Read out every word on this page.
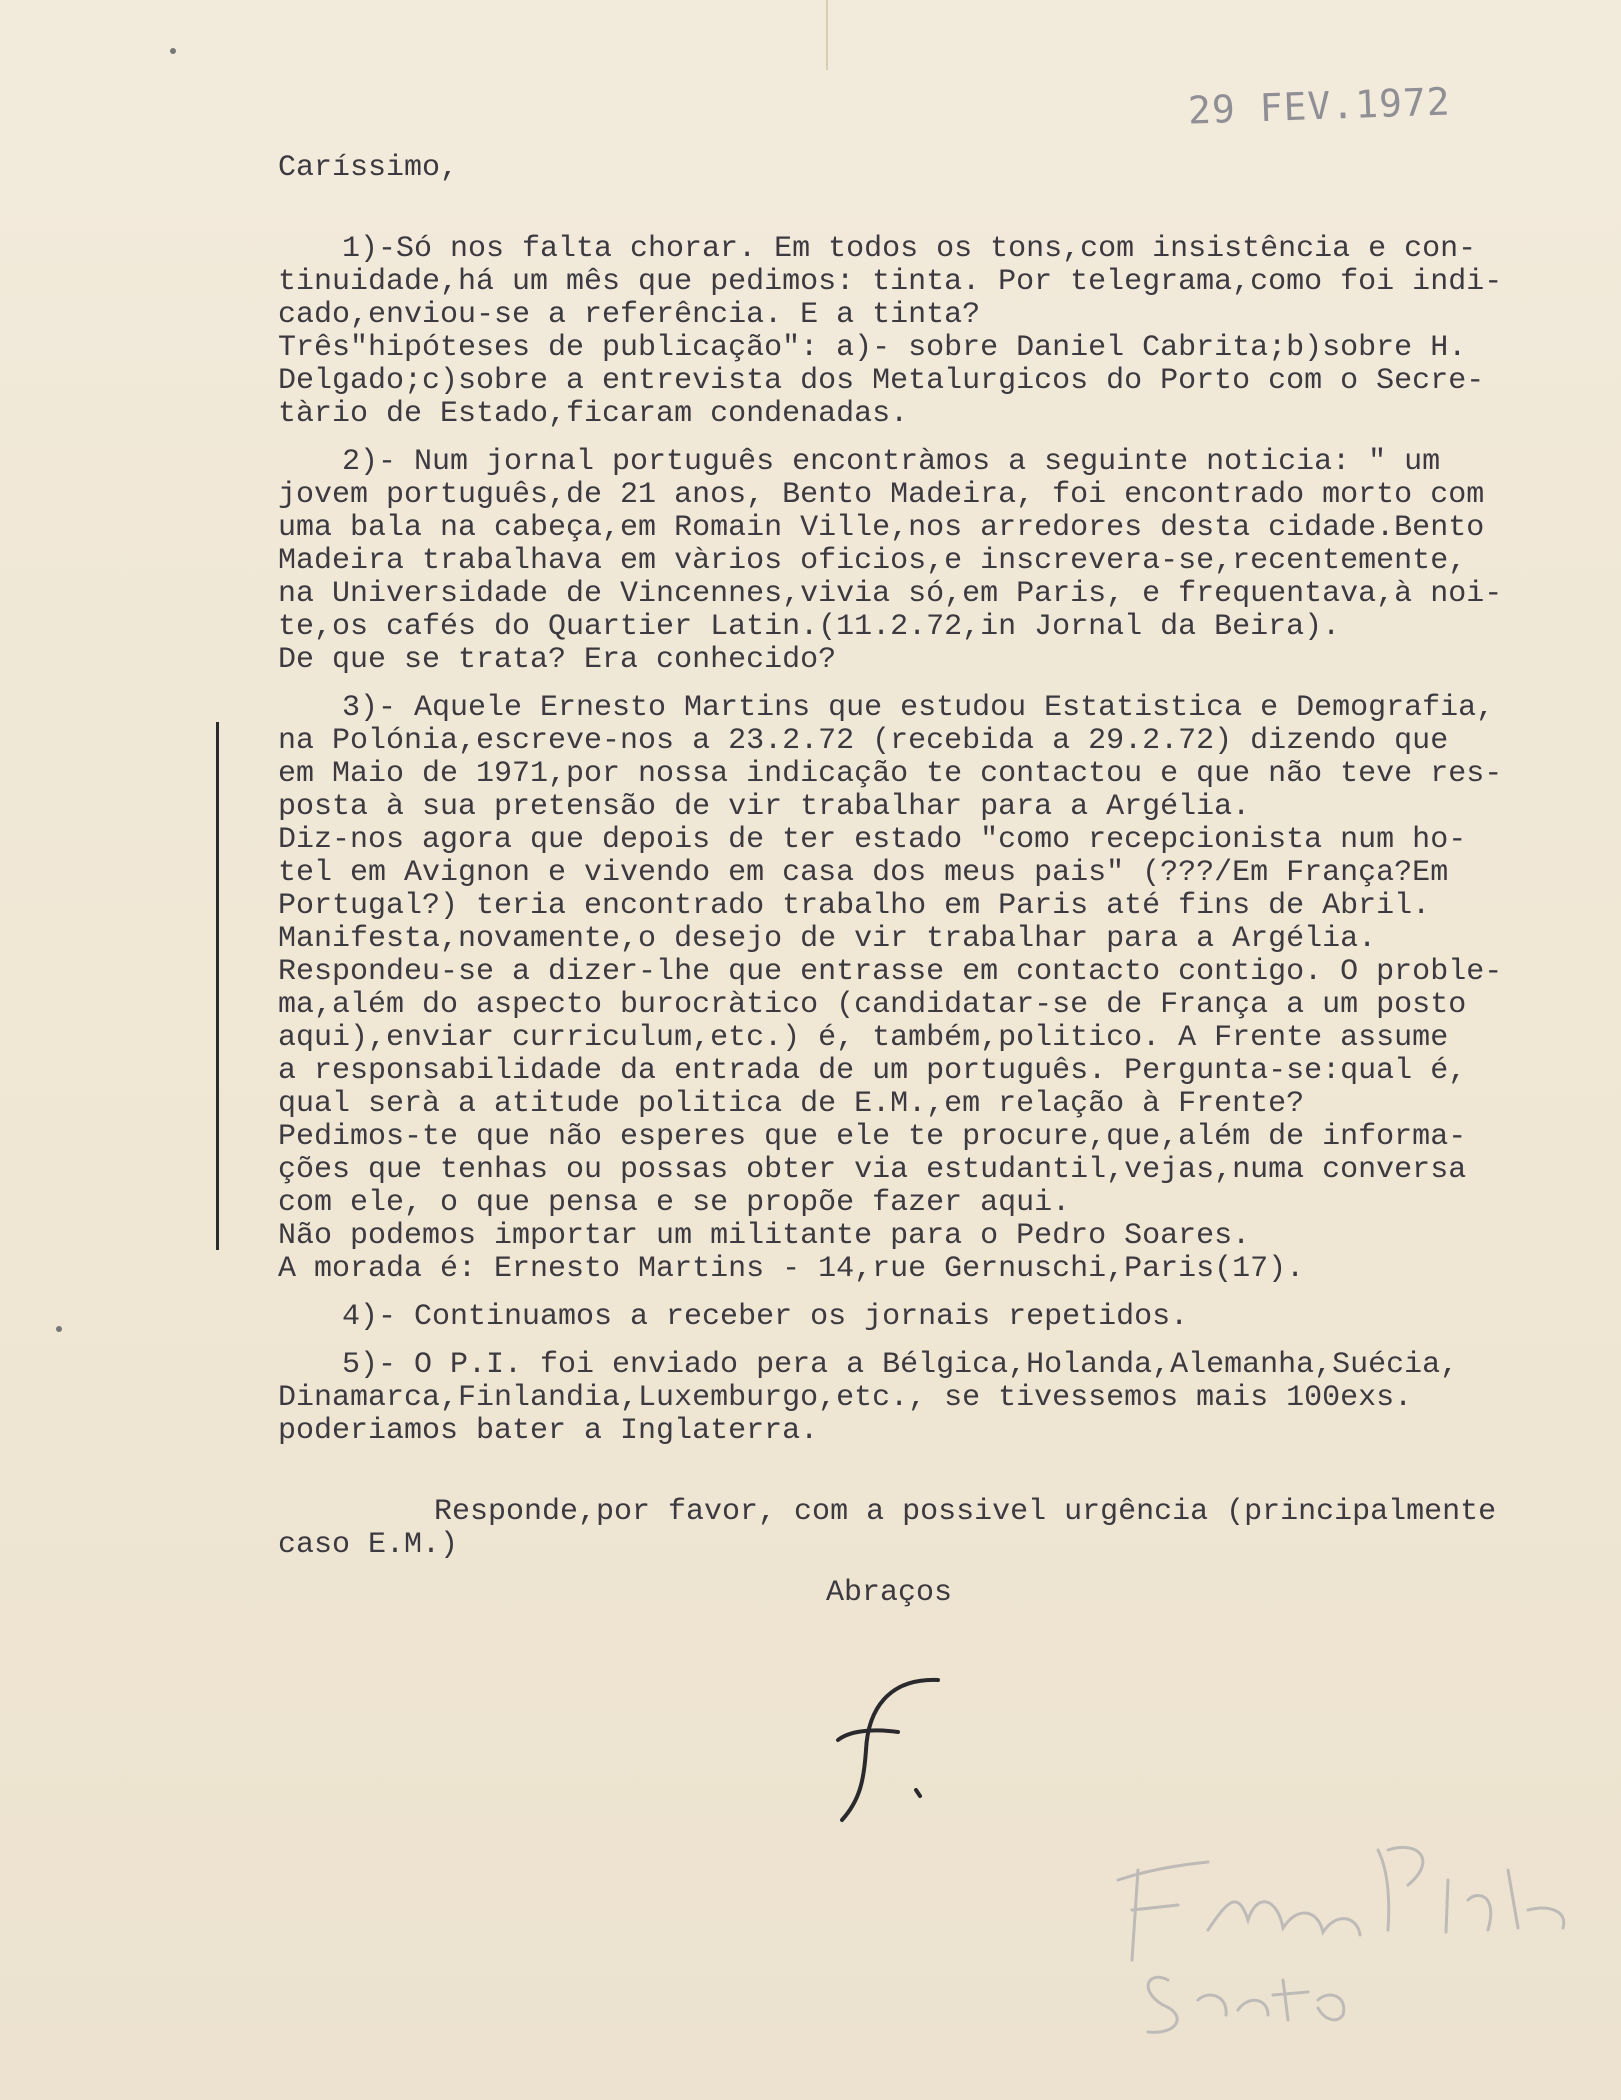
29 FEV.1972
Caríssimo,
1)-Só nos falta chorar. Em todos os tons,com insistência e con-
tinuidade,há um mês que pedimos: tinta. Por telegrama,como foi indi-
cado,enviou-se a referência. E a tinta?
Três"hipóteses de publicação": a)- sobre Daniel Cabrita;b)sobre H.
Delgado;c)sobre a entrevista dos Metalurgicos do Porto com o Secre-
tàrio de Estado,ficaram condenadas.
2)- Num jornal português encontràmos a seguinte noticia: " um
jovem português,de 21 anos, Bento Madeira, foi encontrado morto com
uma bala na cabeça,em Romain Ville,nos arredores desta cidade.Bento
Madeira trabalhava em vàrios oficios,e inscrevera-se,recentemente,
na Universidade de Vincennes,vivia só,em Paris, e frequentava,à noi-
te,os cafés do Quartier Latin.(11.2.72,in Jornal da Beira).
De que se trata? Era conhecido?
3)- Aquele Ernesto Martins que estudou Estatistica e Demografia,
na Polónia,escreve-nos a 23.2.72 (recebida a 29.2.72) dizendo que
em Maio de 1971,por nossa indicação te contactou e que não teve res-
posta à sua pretensão de vir trabalhar para a Argélia.
Diz-nos agora que depois de ter estado "como recepcionista num ho-
tel em Avignon e vivendo em casa dos meus pais" (???/Em França?Em
Portugal?) teria encontrado trabalho em Paris até fins de Abril.
Manifesta,novamente,o desejo de vir trabalhar para a Argélia.
Respondeu-se a dizer-lhe que entrasse em contacto contigo. O proble-
ma,além do aspecto burocràtico (candidatar-se de França a um posto
aqui),enviar curriculum,etc.) é, também,politico. A Frente assume
a responsabilidade da entrada de um português. Pergunta-se:qual é,
qual serà a atitude politica de E.M.,em relação à Frente?
Pedimos-te que não esperes que ele te procure,que,além de informa-
ções que tenhas ou possas obter via estudantil,vejas,numa conversa
com ele, o que pensa e se propõe fazer aqui.
Não podemos importar um militante para o Pedro Soares.
A morada é: Ernesto Martins - 14,rue Gernuschi,Paris(17).
4)- Continuamos a receber os jornais repetidos.
5)- O P.I. foi enviado pera a Bélgica,Holanda,Alemanha,Suécia,
Dinamarca,Finlandia,Luxemburgo,etc., se tivessemos mais 100exs.
poderiamos bater a Inglaterra.
Responde,por favor, com a possivel urgência (principalmente
caso E.M.)
Abraços
